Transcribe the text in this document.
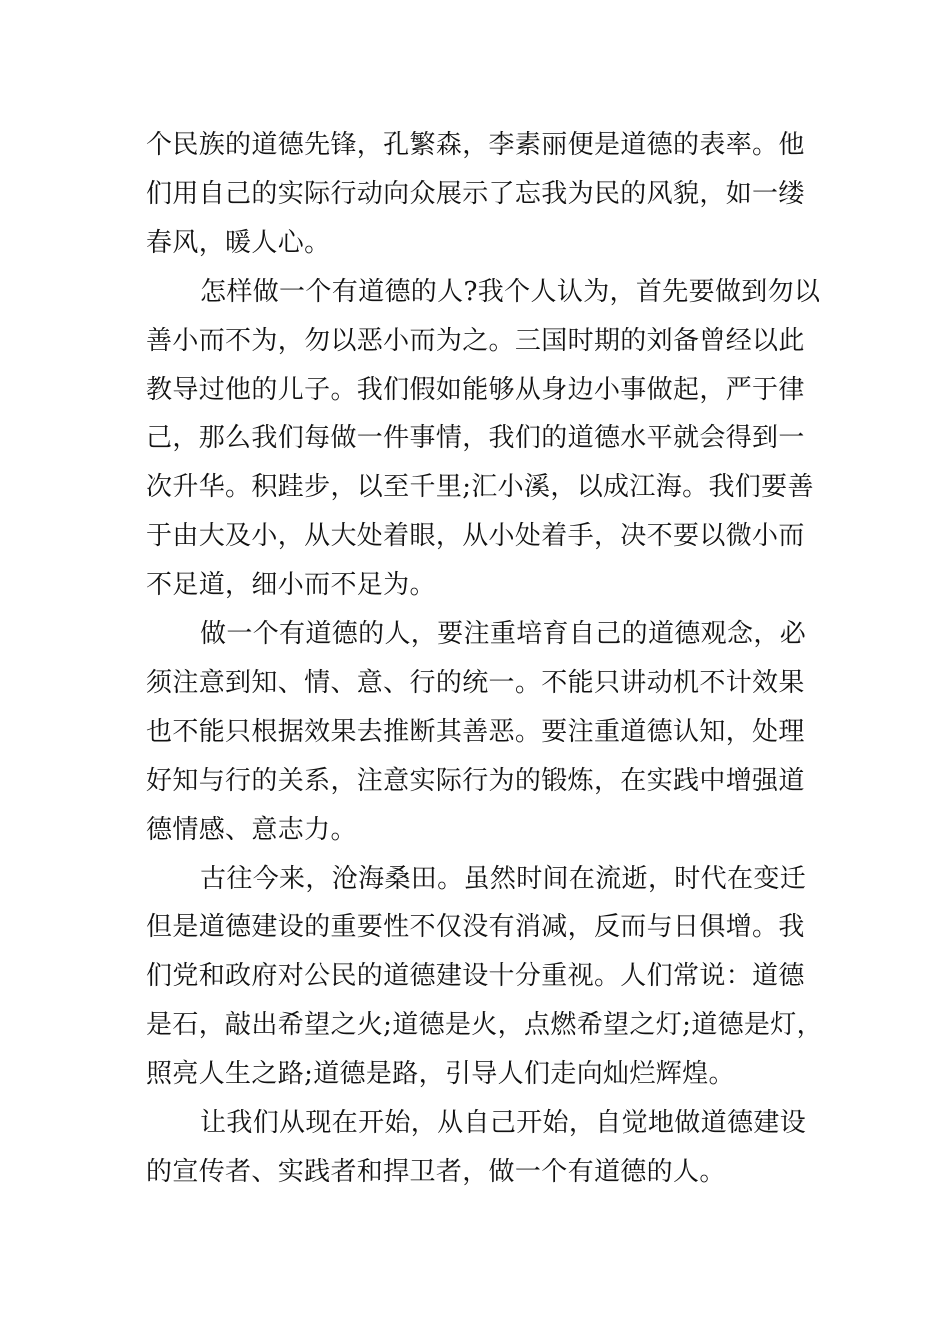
个民族的道德先锋，孔繁森，李素丽便是道德的表率。他
们用自己的实际行动向众展示了忘我为民的风貌，如一缕
春风，暖人心。
怎样做一个有道德的人?我个人认为，首先要做到勿以
善小而不为，勿以恶小而为之。三国时期的刘备曾经以此
教导过他的儿子。我们假如能够从身边小事做起，严于律
己，那么我们每做一件事情，我们的道德水平就会得到一
次升华。积跬步，以至千里;汇小溪，以成江海。我们要善
于由大及小，从大处着眼，从小处着手，决不要以微小而
不足道，细小而不足为。
做一个有道德的人，要注重培育自己的道德观念，必
须注意到知、情、意、行的统一。不能只讲动机不计效果
也不能只根据效果去推断其善恶。要注重道德认知，处理
好知与行的关系，注意实际行为的锻炼，在实践中增强道
德情感、意志力。
古往今来，沧海桑田。虽然时间在流逝，时代在变迁
但是道德建设的重要性不仅没有消减，反而与日俱增。我
们党和政府对公民的道德建设十分重视。人们常说：道德
是石，敲出希望之火;道德是火，点燃希望之灯;道德是灯，
照亮人生之路;道德是路，引导人们走向灿烂辉煌。
让我们从现在开始，从自己开始，自觉地做道德建设
的宣传者、实践者和捍卫者，做一个有道德的人。
